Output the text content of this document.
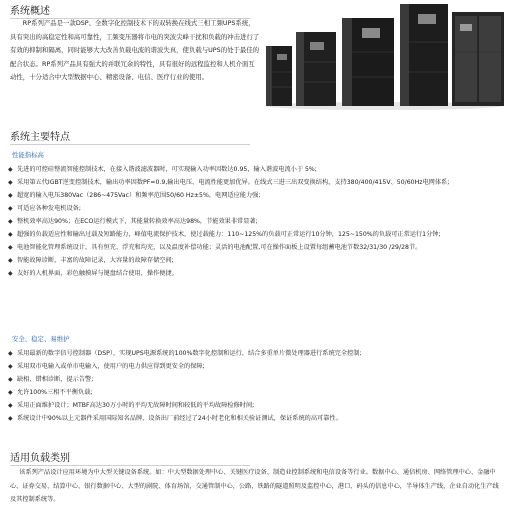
系统概述

RP系列产品是一款DSP、全数字化控制技术下的双转换在线式三相工频UPS系统，具有突出的高稳定性和高可靠性，工频变压器将市电的突波尖峰干扰和负载的冲击进行了有效的抑制和隔离，同时能够大大改善负载电流的谐波失真，使负载与UPS的处于最佳的配合状态。RP系列产品具有强大的并联冗余的特性，具有很好的远程监控和人机介面互动性，十分适合中大型数据中心、精密设备、电信、医疗行业的使用。

系统主要特点
性能指标高
◆ 先进的可控硅整流智能控制技术，在接入谐波滤波器时，可实现输入功率因数达0.95，输入谐波电流小于 5%;
◆ 采用第五代IGBT逆变控制技术，输出功率因数PF=0.9,输出电压、电流性能更加优异。在线式三进三出双变换结构，支持380/400/415V、50/60Hz电网体系;
◆ 超宽的输入电压380Vac（286~475Vac）和频率范围50/60 Hz±5%，电网适应能力强;
◆ 可适应各种发电机设备;
◆ 整机效率高达90%；在ECO运行模式下，其能量转换效率高达98%，节能效果非常显著;
◆ 超强的负载适应性和输出过载及短路能力，峰值电流保护技术，使过载能力：110~125%的负载可正常运行10分钟，125~150%的负载可正常运行1分钟;
◆ 电池智能化管理系统设计，具有恒充、浮充和均充，以及温度补偿功能；灵活的电池配置,可在操作面板上设置每组蓄电池节数32/31/30 /29/28节。
◆ 智能故障诊断，丰富的故障记录，大容量的故障存储空间;
◆ 友好的人机界面，彩色触摸屏与键盘结合使用，操作便捷。
安全、稳定、易维护
◆ 采用最新的数字信号控制器（DSP），实现UPS电源系统的100%数字化控制和运行，结合多重单片微处理器进行系统完全控制;
◆ 采用双市电输入或单市电输入，使用户的电力供应得到更安全的保障;
◆ 缺相、错相诊断、提示告警;
◆ 允许100%三相不平衡负载;
◆ 采用正面维护设计；MTBF高达30万小时的平均无故障时间和较低的平均故障检修时间;
◆ 系统设计中90%以上元器件采用国际知名品牌，设备出厂前经过了24小时老化和相关验证测试，保证系统的高可靠性。
适用负载类别

该系列产品设计应用环境为中大型关键设备系统。如：中大型数据处理中心、关键医疗设备、制造业控制系统和电信设备等行业。数据中心、通信机房、网络管理中心、金融中心、证券交易、结算中心、银行数据中心、大型的剧院、体育场馆，交通管制中心，公路，铁路的隧道照明及监控中心，港口、码头的信息中心，半导体生产线，企业自动化生产线及其控制系统等。
